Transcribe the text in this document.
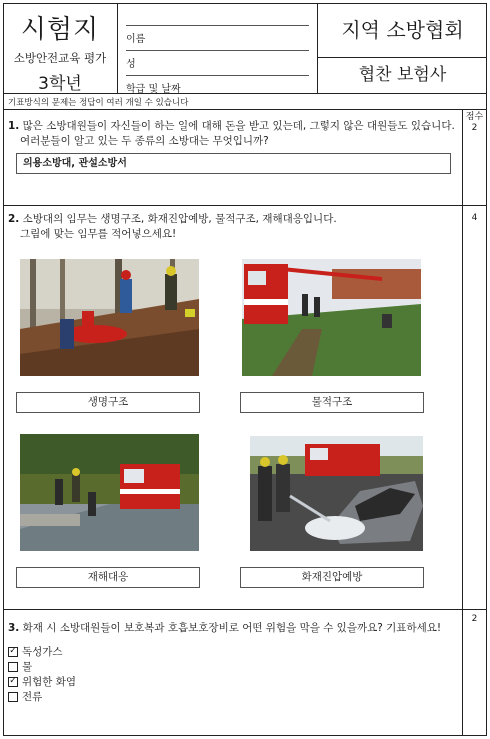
시험지
소방안전교육 평가
3학년
이름
성
학급 및 날짜
지역 소방협회
협찬 보험사
기표방식의 문제는 정답이 여러 개일 수 있습니다
점수
2
4
2
1. 많은 소방대원들이 자신들이 하는 일에 대해 돈을 받고 있는데, 그렇지 않은 대원들도 있습니다.
여러분들이 알고 있는 두 종류의 소방대는 무엇입니까?
의용소방대, 관설소방서
2. 소방대의 임무는 생명구조, 화재진압예방, 물적구조, 재해대응입니다.
그림에 맞는 임무를 적어넣으세요!
생명구조	물적구조
재해대응	화재진압예방
3. 화재 시 소방대원들이 보호복과 호흡보호장비로 어떤 위험을 막을 수 있을까요? 기표하세요!
✓ 독성가스
물
✓ 위험한 화염
전류
